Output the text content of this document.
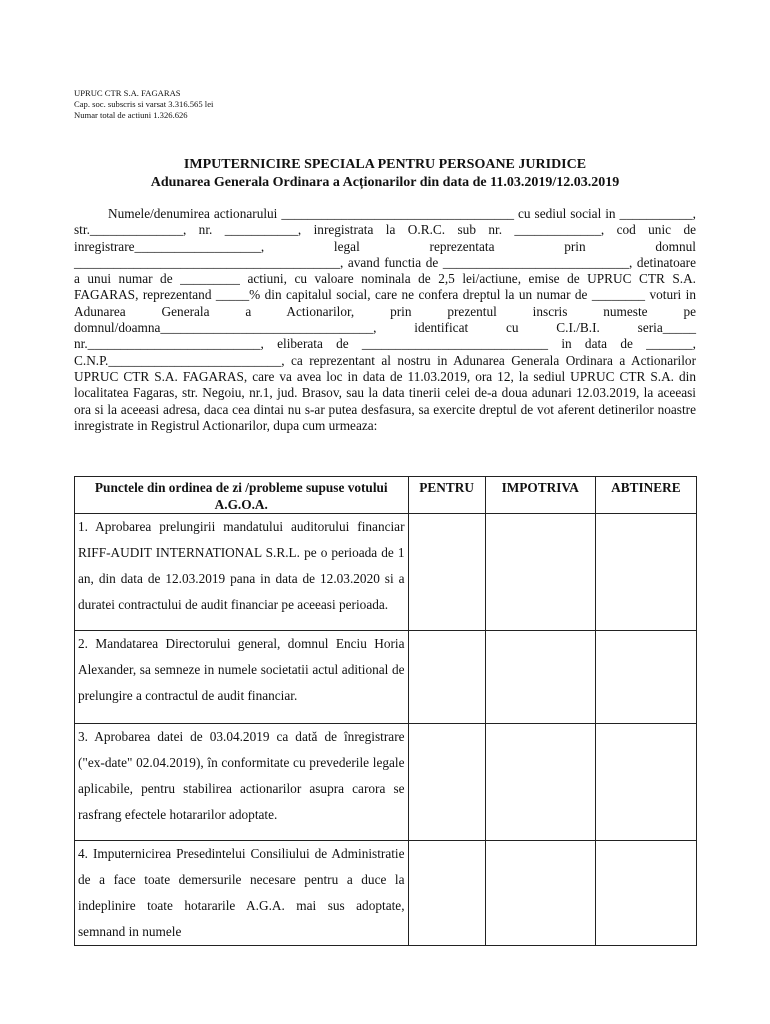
UPRUC CTR S.A. FAGARAS
Cap. soc. subscris si varsat 3.316.565 lei
Numar total de actiuni 1.326.626
IMPUTERNICIRE SPECIALA PENTRU PERSOANE JURIDICE
Adunarea Generala Ordinara a Acționarilor din data de 11.03.2019/12.03.2019

Numele/denumirea actionarului ___________________________________ cu sediul social in ___________, str.______________, nr. ___________, inregistrata la O.R.C. sub nr. _____________, cod unic de inregistrare___________________, legal reprezentata prin domnul ________________________________________, avand functia de ____________________________, detinatoare a unui numar de _________ actiuni, cu valoare nominala de 2,5 lei/actiune, emise de UPRUC CTR S.A. FAGARAS, reprezentand _____% din capitalul social, care ne confera dreptul la un numar de ________ voturi in Adunarea Generala a Actionarilor, prin prezentul inscris numeste pe domnul/doamna________________________________, identificat cu C.I./B.I. seria_____ nr.__________________________, eliberata de ____________________________ in data de _______, C.N.P.__________________________, ca reprezentant al nostru in Adunarea Generala Ordinara a Actionarilor UPRUC CTR S.A. FAGARAS, care va avea loc in data de 11.03.2019, ora 12, la sediul UPRUC CTR S.A. din localitatea Fagaras, str. Negoiu, nr.1, jud. Brasov, sau la data tinerii celei de-a doua adunari 12.03.2019, la aceeasi ora si la aceeasi adresa, daca cea dintai nu s-ar putea desfasura, sa exercite dreptul de vot aferent detinerilor noastre inregistrate in Registrul Actionarilor, dupa cum urmeaza:

Punctele din ordinea de zi /probleme supuse votului A.G.O.A.	PENTRU	IMPOTRIVA	ABTINERE
1. Aprobarea prelungirii mandatului auditorului financiar RIFF-AUDIT INTERNATIONAL S.R.L. pe o perioada de 1 an, din data de 12.03.2019 pana in data de 12.03.2020 si a duratei contractului de audit financiar pe aceeasi perioada.			
2. Mandatarea Directorului general, domnul Enciu Horia Alexander, sa semneze in numele societatii actul aditional de prelungire a contractul de audit financiar.			
3. Aprobarea datei de 03.04.2019 ca dată de înregistrare ("ex-date" 02.04.2019), în conformitate cu prevederile legale aplicabile, pentru stabilirea actionarilor asupra carora se rasfrang efectele hotararilor adoptate.			
4. Imputernicirea Presedintelui Consiliului de Administratie de a face toate demersurile necesare pentru a duce la indeplinire toate hotararile A.G.A. mai sus adoptate, semnand in numele			
